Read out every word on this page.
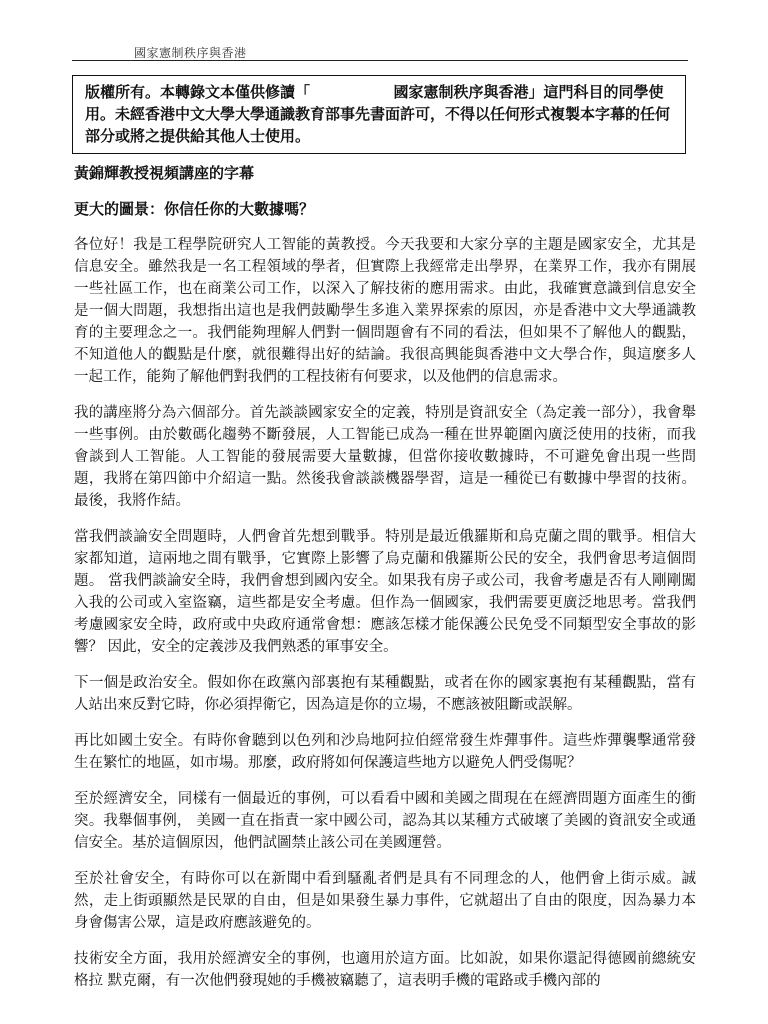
國家憲制秩序與香港
版權所有。本轉錄文本僅供修讀「                國家憲制秩序與香港」這門科目的同學使用。未經香港中文大學大學通識教育部事先書面許可，不得以任何形式複製本字幕的任何部分或將之提供給其他人士使用。

黃錦輝教授視頻講座的字幕

更大的圖景：你信任你的大數據嗎？

各位好！我是工程學院研究人工智能的黃教授。今天我要和大家分享的主題是國家安全，尤其是信息安全。雖然我是一名工程領域的學者，但實際上我經常走出學界，在業界工作，我亦有開展一些社區工作，也在商業公司工作，以深入了解技術的應用需求。由此，我確實意識到信息安全是一個大問題，我想指出這也是我們鼓勵學生多進入業界探索的原因，亦是香港中文大學通識教育的主要理念之一。我們能夠理解人們對一個問題會有不同的看法，但如果不了解他人的觀點，不知道他人的觀點是什麼，就很難得出好的結論。我很高興能與香港中文大學合作，與這麼多人一起工作，能夠了解他們對我們的工程技術有何要求，以及他們的信息需求。

我的講座將分為六個部分。首先談談國家安全的定義，特別是資訊安全（為定義一部分），我會舉一些事例。由於數碼化趨勢不斷發展，人工智能已成為一種在世界範圍內廣泛使用的技術，而我會談到人工智能。人工智能的發展需要大量數據，但當你接收數據時，不可避免會出現一些問題，我將在第四節中介紹這一點。然後我會談談機器學習，這是一種從已有數據中學習的技術。最後，我將作結。

當我們談論安全問題時，人們會首先想到戰爭。特別是最近俄羅斯和烏克蘭之間的戰爭。相信大家都知道，這兩地之間有戰爭，它實際上影響了烏克蘭和俄羅斯公民的安全，我們會思考這個問題。 當我們談論安全時，我們會想到國內安全。如果我有房子或公司，我會考慮是否有人剛剛闖入我的公司或入室盜竊，這些都是安全考慮。但作為一個國家，我們需要更廣泛地思考。當我們考慮國家安全時，政府或中央政府通常會想：應該怎樣才能保護公民免受不同類型安全事故的影響？ 因此，安全的定義涉及我們熟悉的軍事安全。

下一個是政治安全。假如你在政黨內部裏抱有某種觀點，或者在你的國家裏抱有某種觀點，當有人站出來反對它時，你必須捍衛它，因為這是你的立場，不應該被阻斷或誤解。

再比如國土安全。有時你會聽到以色列和沙烏地阿拉伯經常發生炸彈事件。這些炸彈襲擊通常發生在繁忙的地區，如市場。那麼，政府將如何保護這些地方以避免人們受傷呢？

至於經濟安全，同樣有一個最近的事例，可以看看中國和美國之間現在在經濟問題方面產生的衝突。我舉個事例， 美國一直在指責一家中國公司，認為其以某種方式破壞了美國的資訊安全或通信安全。基於這個原因，他們試圖禁止該公司在美國運營。

至於社會安全，有時你可以在新聞中看到騷亂者們是具有不同理念的人，他們會上街示威。誠然，走上街頭顯然是民眾的自由，但是如果發生暴力事件，它就超出了自由的限度，因為暴力本身會傷害公眾，這是政府應該避免的。

技術安全方面，我用於經濟安全的事例，也適用於這方面。比如說，如果你還記得德國前總統安格拉 默克爾，有一次他們發現她的手機被竊聽了，這表明手機的電路或手機內部的
